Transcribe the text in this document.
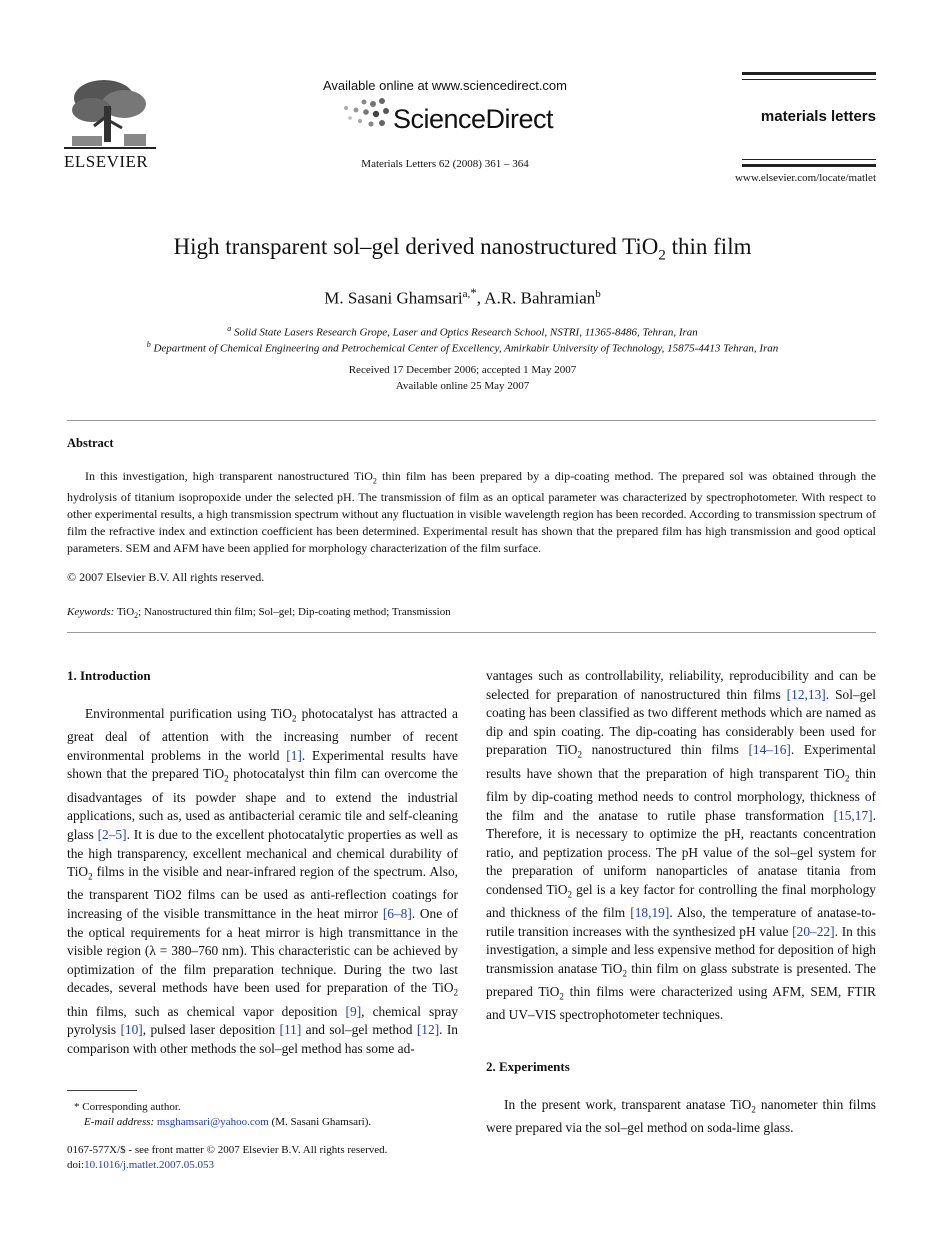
ELSEVIER
Available online at www.sciencedirect.com
ScienceDirect
Materials Letters 62 (2008) 361 – 364
materials letters
www.elsevier.com/locate/matlet
High transparent sol–gel derived nanostructured TiO$_2$ thin film
M. Sasani Ghamsari$^{a,*}$, A.R. Bahramian$^b$
$^a$ Solid State Lasers Research Grope, Laser and Optics Research School, NSTRI, 11365-8486, Tehran, Iran
$^b$ Department of Chemical Engineering and Petrochemical Center of Excellency, Amirkabir University of Technology, 15875-4413 Tehran, Iran
Received 17 December 2006; accepted 1 May 2007
Available online 25 May 2007
Abstract

In this investigation, high transparent nanostructured TiO$_2$ thin film has been prepared by a dip-coating method. The prepared sol was obtained through the hydrolysis of titanium isopropoxide under the selected pH. The transmission of film as an optical parameter was characterized by spectrophotometer. With respect to other experimental results, a high transmission spectrum without any fluctuation in visible wavelength region has been recorded. According to transmission spectrum of film the refractive index and extinction coefficient has been determined. Experimental result has shown that the prepared film has high transmission and good optical parameters. SEM and AFM have been applied for morphology characterization of the film surface.

© 2007 Elsevier B.V. All rights reserved.
Keywords: TiO$_2$; Nanostructured thin film; Sol–gel; Dip-coating method; Transmission
1. Introduction

Environmental purification using TiO$_2$ photocatalyst has attracted a great deal of attention with the increasing number of recent environmental problems in the world [1]. Experimental results have shown that the prepared TiO$_2$ photocatalyst thin film can overcome the disadvantages of its powder shape and to extend the industrial applications, such as, used as antibacterial ceramic tile and self-cleaning glass [2–5]. It is due to the excellent photocatalytic properties as well as the high transparency, excellent mechanical and chemical durability of TiO$_2$ films in the visible and near-infrared region of the spectrum. Also, the transparent TiO2 films can be used as anti-reflection coatings for increasing of the visible transmittance in the heat mirror [6–8]. One of the optical requirements for a heat mirror is high transmittance in the visible region (λ = 380–760 nm). This characteristic can be achieved by optimization of the film preparation technique. During the two last decades, several methods have been used for preparation of the TiO$_2$ thin films, such as chemical vapor deposition [9], chemical spray pyrolysis [10], pulsed laser deposition [11] and sol–gel method [12]. In comparison with other methods the sol–gel method has some ad-

* Corresponding author.
E-mail address: msghamsari@yahoo.com (M. Sasani Ghamsari).
0167-577X/$ - see front matter © 2007 Elsevier B.V. All rights reserved.
doi:10.1016/j.matlet.2007.05.053

vantages such as controllability, reliability, reproducibility and can be selected for preparation of nanostructured thin films [12,13]. Sol–gel coating has been classified as two different methods which are named as dip and spin coating. The dip-coating has considerably been used for preparation TiO$_2$ nanostructured thin films [14–16]. Experimental results have shown that the preparation of high transparent TiO$_2$ thin film by dip-coating method needs to control morphology, thickness of the film and the anatase to rutile phase transformation [15,17]. Therefore, it is necessary to optimize the pH, reactants concentration ratio, and peptization process. The pH value of the sol–gel system for the preparation of uniform nanoparticles of anatase titania from condensed TiO$_2$ gel is a key factor for controlling the final morphology and thickness of the film [18,19]. Also, the temperature of anatase-to-rutile transition increases with the synthesized pH value [20–22]. In this investigation, a simple and less expensive method for deposition of high transmission anatase TiO$_2$ thin film on glass substrate is presented. The prepared TiO$_2$ thin films were characterized using AFM, SEM, FTIR and UV–VIS spectrophotometer techniques.

2. Experiments

In the present work, transparent anatase TiO$_2$ nanometer thin films were prepared via the sol–gel method on soda-lime glass.
